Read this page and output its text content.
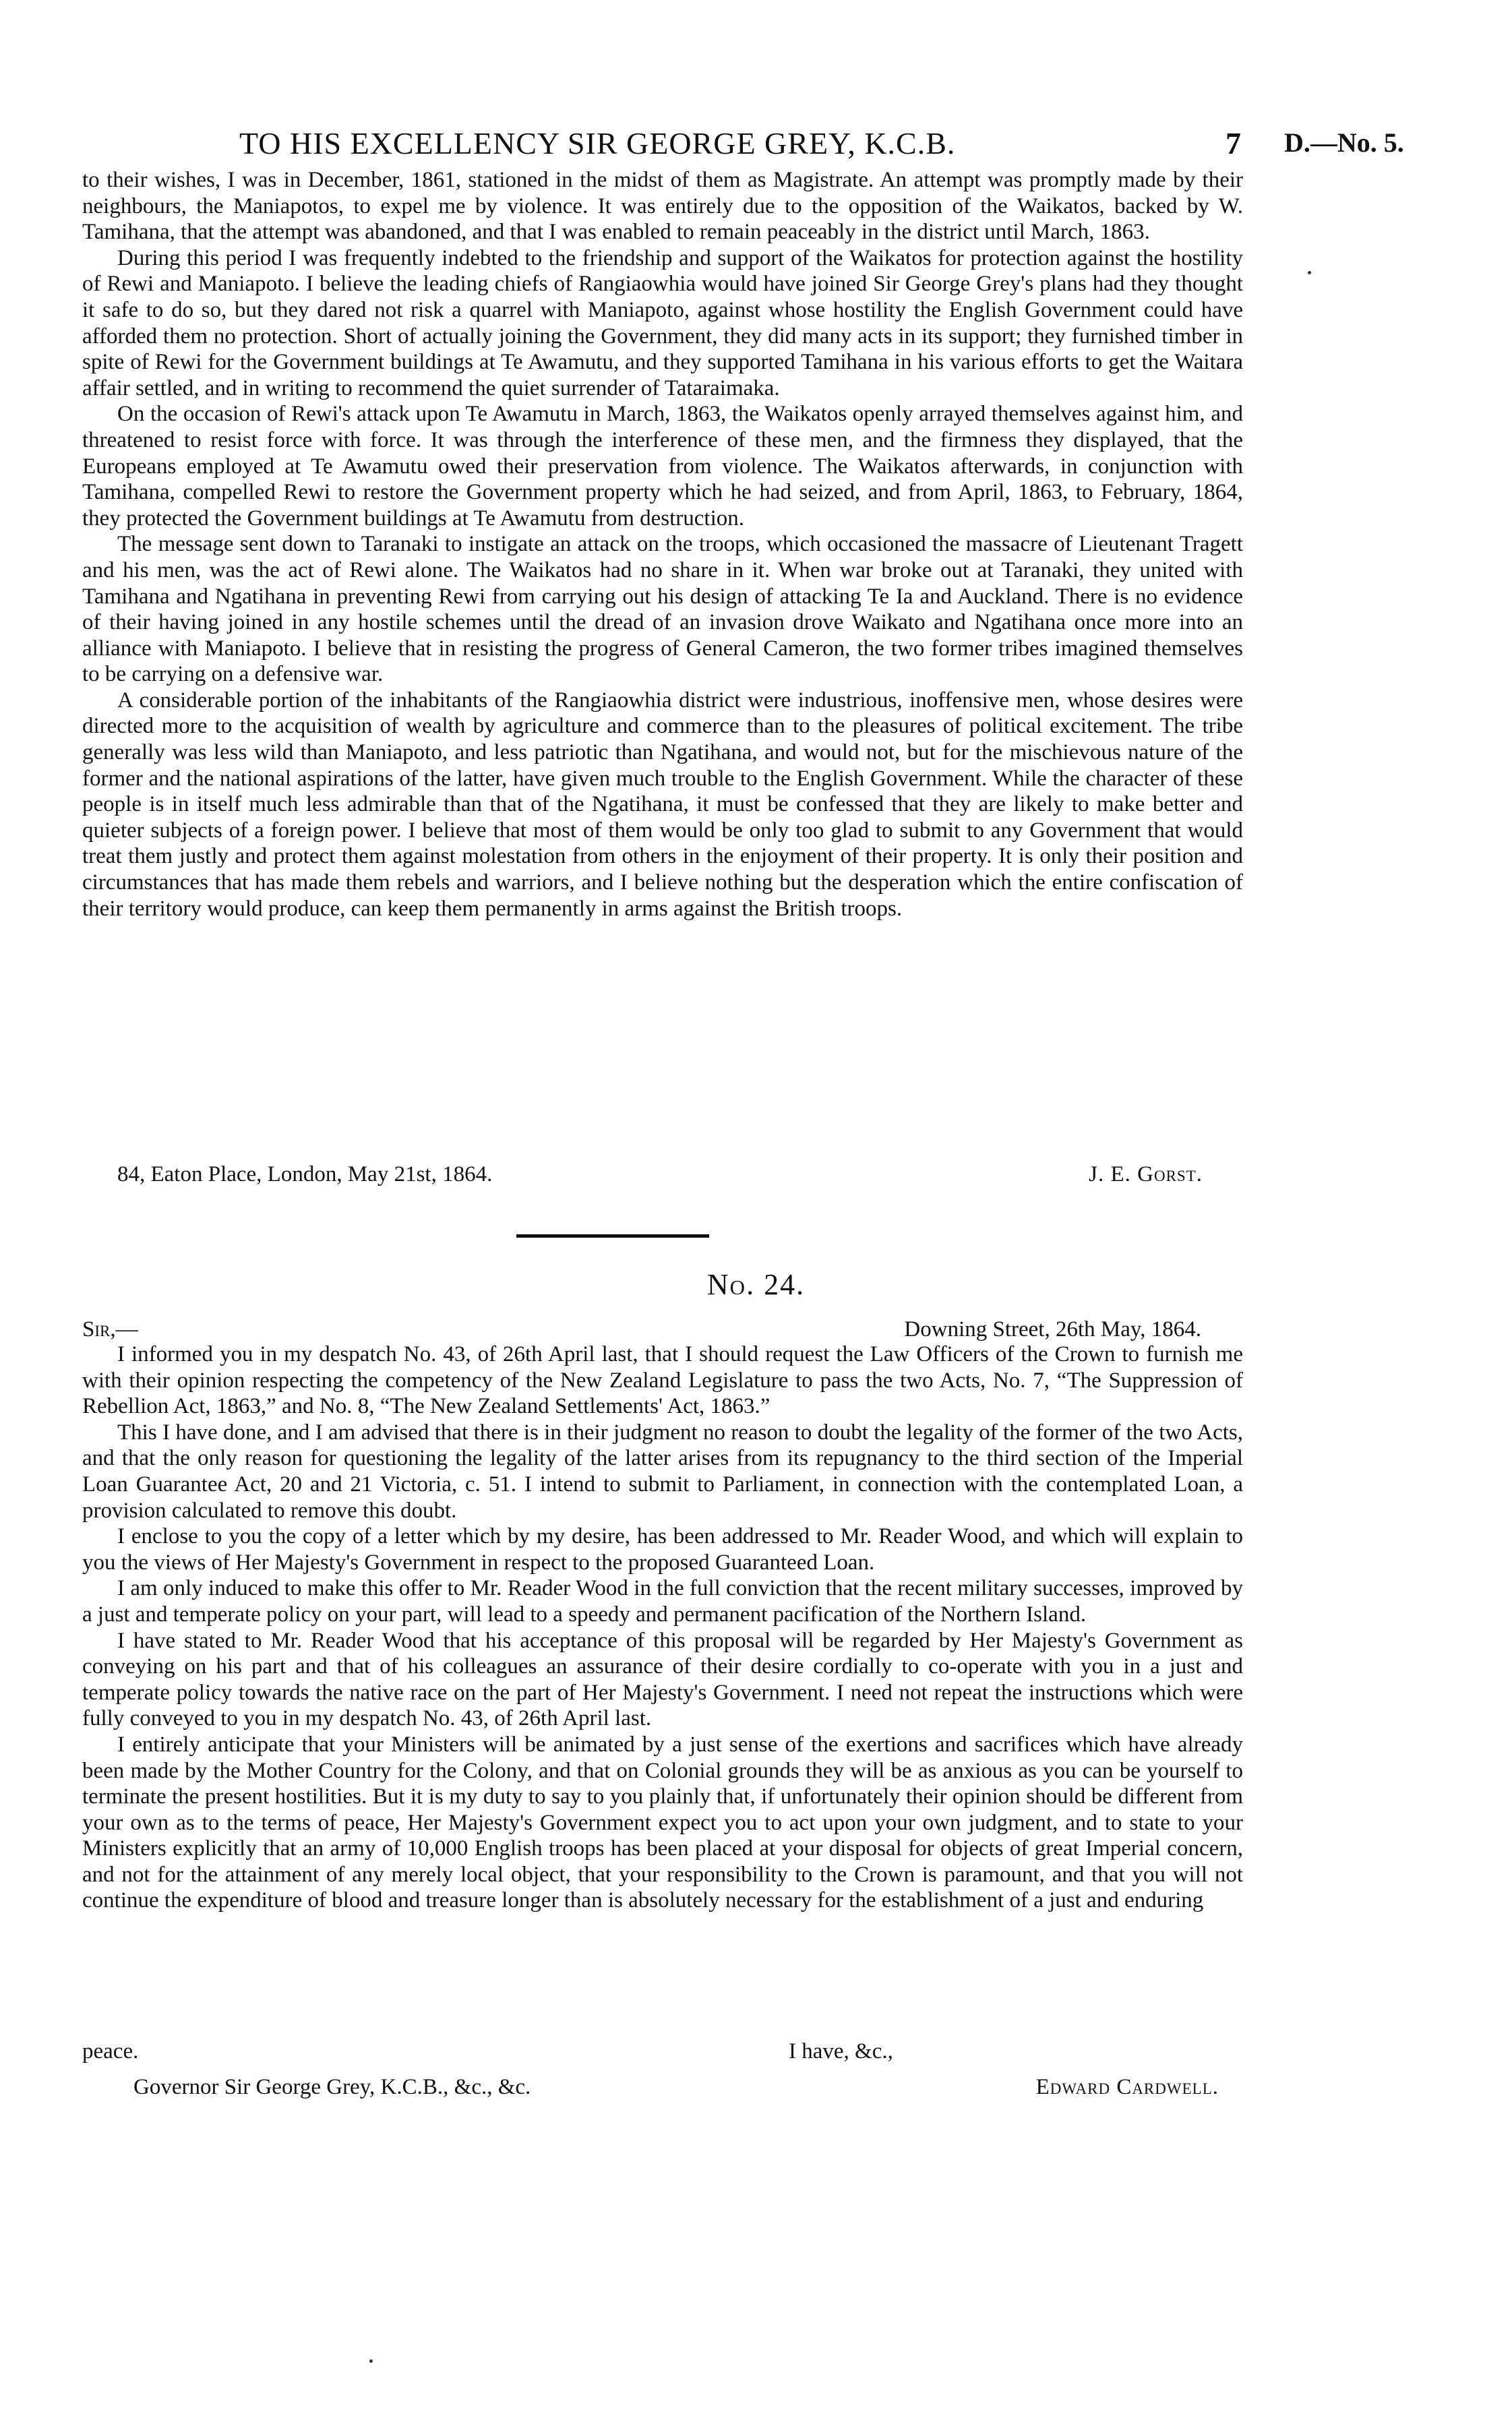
TO HIS EXCELLENCY SIR GEORGE GREY, K.C.B.	7 D.—No. 5.

to their wishes, I was in December, 1861, stationed in the midst of them as Magistrate. An attempt was promptly made by their neighbours, the Maniapotos, to expel me by violence. It was entirely due to the opposition of the Waikatos, backed by W. Tamihana, that the attempt was abandoned, and that I was enabled to remain peaceably in the district until March, 1863.

During this period I was frequently indebted to the friendship and support of the Waikatos for protection against the hostility of Rewi and Maniapoto. I believe the leading chiefs of Rangiaowhia would have joined Sir George Grey's plans had they thought it safe to do so, but they dared not risk a quarrel with Maniapoto, against whose hostility the English Government could have afforded them no protection. Short of actually joining the Government, they did many acts in its support; they furnished timber in spite of Rewi for the Government buildings at Te Awamutu, and they supported Tamihana in his various efforts to get the Waitara affair settled, and in writing to recommend the quiet surrender of Tataraimaka.

On the occasion of Rewi's attack upon Te Awamutu in March, 1863, the Waikatos openly arrayed themselves against him, and threatened to resist force with force. It was through the interference of these men, and the firmness they displayed, that the Europeans employed at Te Awamutu owed their preservation from violence. The Waikatos afterwards, in conjunction with Tamihana, compelled Rewi to restore the Government property which he had seized, and from April, 1863, to February, 1864, they protected the Government buildings at Te Awamutu from destruction.

The message sent down to Taranaki to instigate an attack on the troops, which occasioned the massacre of Lieutenant Tragett and his men, was the act of Rewi alone. The Waikatos had no share in it. When war broke out at Taranaki, they united with Tamihana and Ngatihana in preventing Rewi from carrying out his design of attacking Te Ia and Auckland. There is no evidence of their having joined in any hostile schemes until the dread of an invasion drove Waikato and Ngatihana once more into an alliance with Maniapoto. I believe that in resisting the progress of General Cameron, the two former tribes imagined themselves to be carrying on a defensive war.

A considerable portion of the inhabitants of the Rangiaowhia district were industrious, inoffensive men, whose desires were directed more to the acquisition of wealth by agriculture and commerce than to the pleasures of political excitement. The tribe generally was less wild than Maniapoto, and less patriotic than Ngatihana, and would not, but for the mischievous nature of the former and the national aspirations of the latter, have given much trouble to the English Government. While the character of these people is in itself much less admirable than that of the Ngatihana, it must be confessed that they are likely to make better and quieter subjects of a foreign power. I believe that most of them would be only too glad to submit to any Government that would treat them justly and protect them against molestation from others in the enjoyment of their property. It is only their position and circumstances that has made them rebels and warriors, and I believe nothing but the desperation which the entire confiscation of their territory would produce, can keep them permanently in arms against the British troops.

84, Eaton Place, London, May 21st, 1864.	J. E. Gorst.
No. 24.
Sir,—	Downing Street, 26th May, 1864.

I informed you in my despatch No. 43, of 26th April last, that I should request the Law Officers of the Crown to furnish me with their opinion respecting the competency of the New Zealand Legislature to pass the two Acts, No. 7, “The Suppression of Rebellion Act, 1863,” and No. 8, “The New Zealand Settlements' Act, 1863.”

This I have done, and I am advised that there is in their judgment no reason to doubt the legality of the former of the two Acts, and that the only reason for questioning the legality of the latter arises from its repugnancy to the third section of the Imperial Loan Guarantee Act, 20 and 21 Victoria, c. 51. I intend to submit to Parliament, in connection with the contemplated Loan, a provision calculated to remove this doubt.

I enclose to you the copy of a letter which by my desire, has been addressed to Mr. Reader Wood, and which will explain to you the views of Her Majesty's Government in respect to the proposed Guaranteed Loan.

I am only induced to make this offer to Mr. Reader Wood in the full conviction that the recent military successes, improved by a just and temperate policy on your part, will lead to a speedy and permanent pacification of the Northern Island.

I have stated to Mr. Reader Wood that his acceptance of this proposal will be regarded by Her Majesty's Government as conveying on his part and that of his colleagues an assurance of their desire cordially to co-operate with you in a just and temperate policy towards the native race on the part of Her Majesty's Government. I need not repeat the instructions which were fully conveyed to you in my despatch No. 43, of 26th April last.

I entirely anticipate that your Ministers will be animated by a just sense of the exertions and sacrifices which have already been made by the Mother Country for the Colony, and that on Colonial grounds they will be as anxious as you can be yourself to terminate the present hostilities. But it is my duty to say to you plainly that, if unfortunately their opinion should be different from your own as to the terms of peace, Her Majesty's Government expect you to act upon your own judgment, and to state to your Ministers explicitly that an army of 10,000 English troops has been placed at your disposal for objects of great Imperial concern, and not for the attainment of any merely local object, that your responsibility to the Crown is paramount, and that you will not continue the expenditure of blood and treasure longer than is absolutely necessary for the establishment of a just and enduring

peace.	I have, &c.,
Governor Sir George Grey, K.C.B., &c., &c.	Edward Cardwell.
